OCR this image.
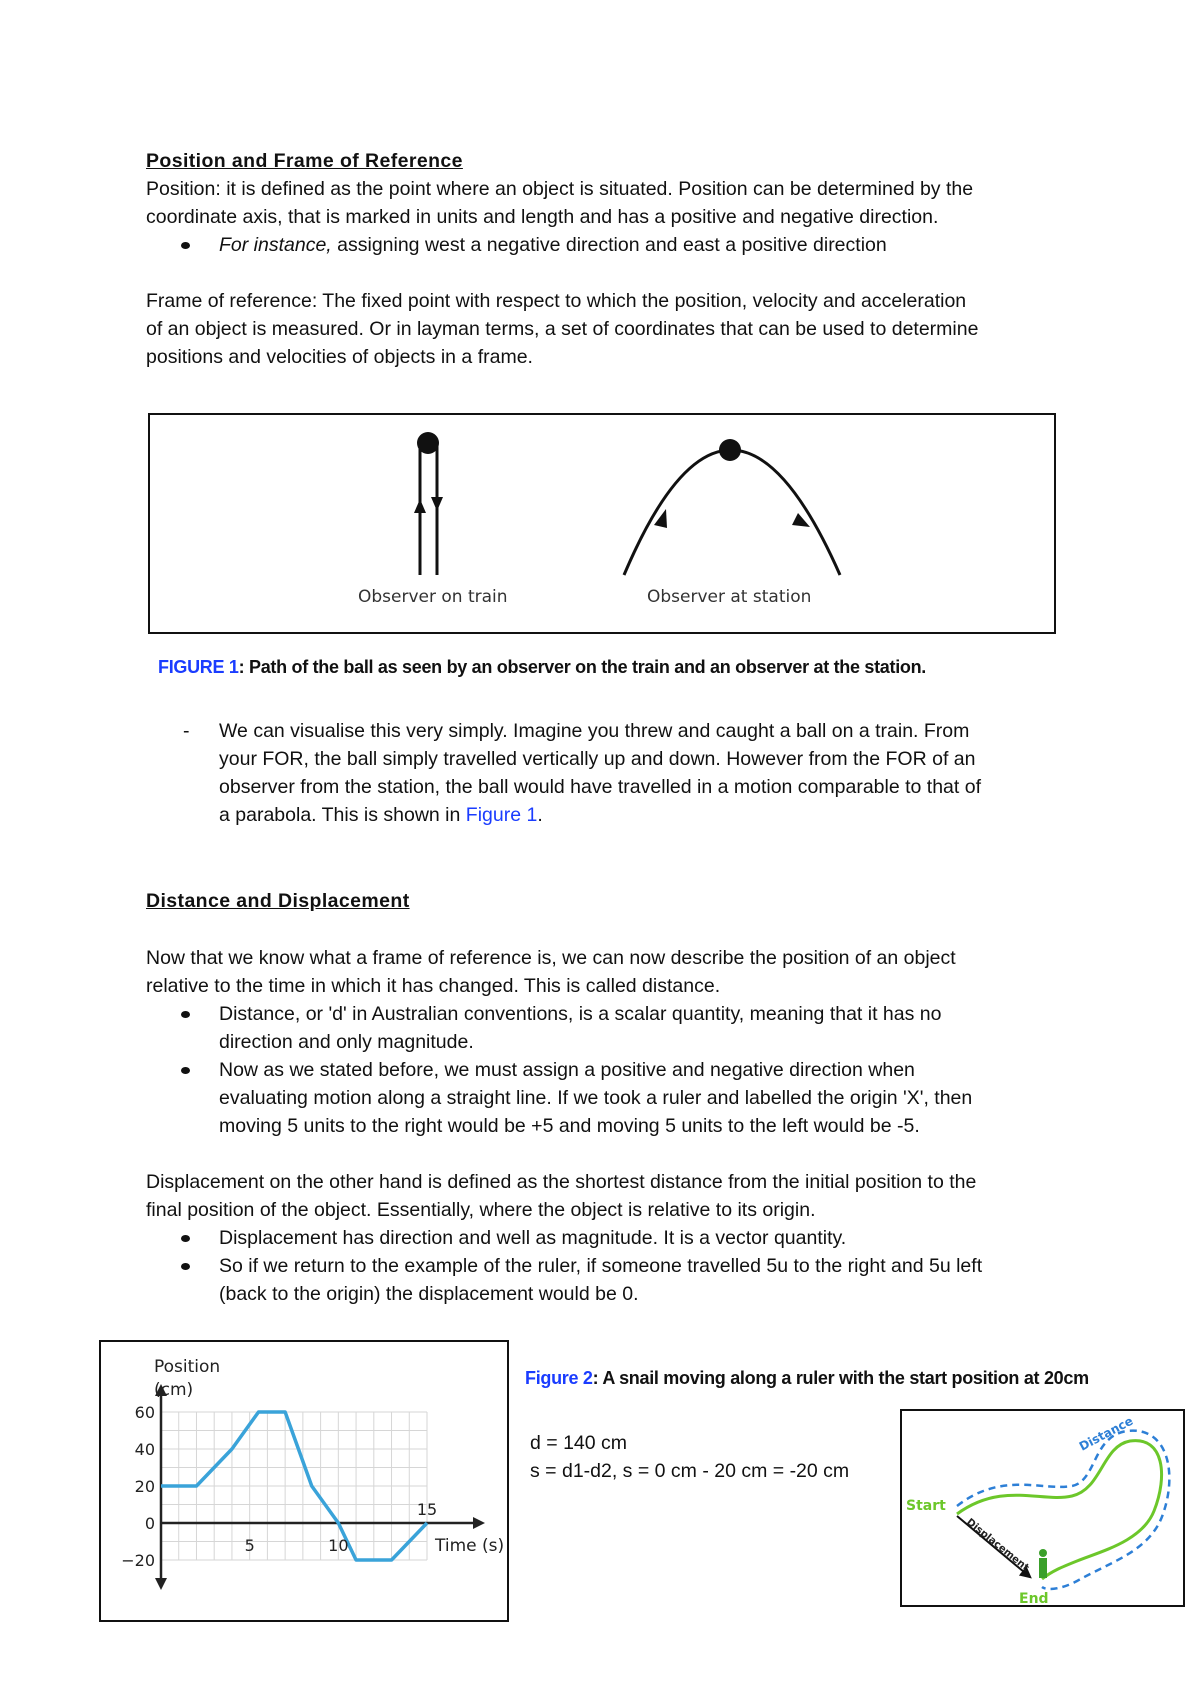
Position and Frame of Reference
Position: it is defined as the point where an object is situated. Position can be determined by the
coordinate axis, that is marked in units and length and has a positive and negative direction.
For instance, assigning west a negative direction and east a positive direction
Frame of reference: The fixed point with respect to which the position, velocity and acceleration
of an object is measured. Or in layman terms, a set of coordinates that can be used to determine
positions and velocities of objects in a frame.
Observer on train	Observer at station
FIGURE 1: Path of the ball as seen by an observer on the train and an observer at the station.
- We can visualise this very simply. Imagine you threw and caught a ball on a train. From
your FOR, the ball simply travelled vertically up and down. However from the FOR of an
observer from the station, the ball would have travelled in a motion comparable to that of
a parabola. This is shown in Figure 1.
Distance and Displacement
Now that we know what a frame of reference is, we can now describe the position of an object
relative to the time in which it has changed. This is called distance.
Distance, or 'd' in Australian conventions, is a scalar quantity, meaning that it has no
direction and only magnitude.
Now as we stated before, we must assign a positive and negative direction when
evaluating motion along a straight line. If we took a ruler and labelled the origin 'X', then
moving 5 units to the right would be +5 and moving 5 units to the left would be -5.
Displacement on the other hand is defined as the shortest distance from the initial position to the
final position of the object. Essentially, where the object is relative to its origin.
Displacement has direction and well as magnitude. It is a vector quantity.
So if we return to the example of the ruler, if someone travelled 5u to the right and 5u left
(back to the origin) the displacement would be 0.
60
40
20
0
−20
5	10
15
Position
(cm)
Time (s)
Figure 2: A snail moving along a ruler with the start position at 20cm
d = 140 cm
s = d1-d2, s = 0 cm - 20 cm = -20 cm
Start
End
Distance
Displacement
